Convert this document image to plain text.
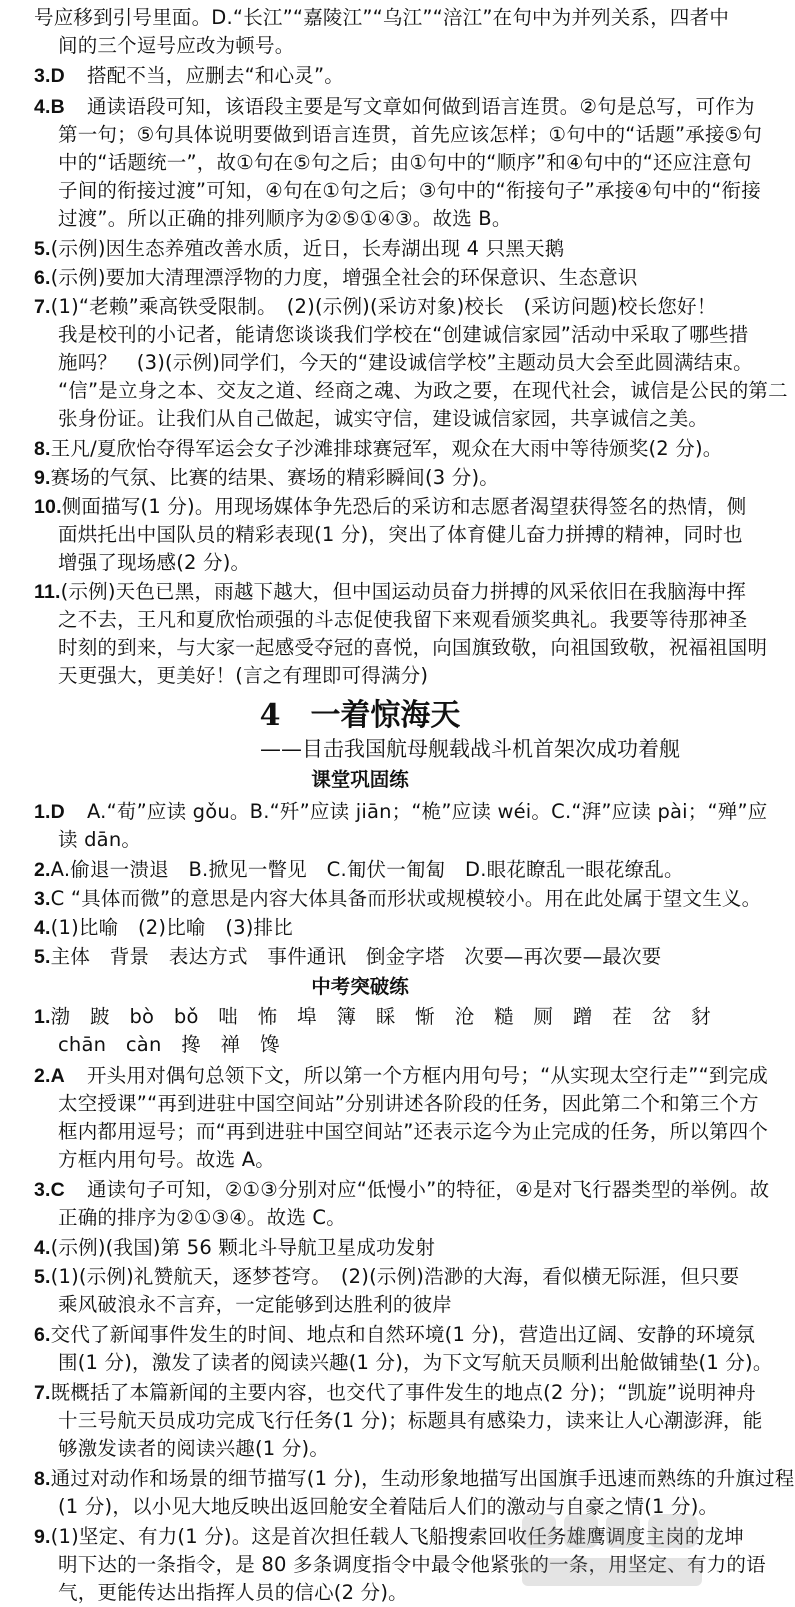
号应移到引号里面。D.“长江”“嘉陵江”“乌江”“涪江”在句中为并列关系，四者中
间的三个逗号应改为顿号。
3.D 搭配不当，应删去“和心灵”。
4.B 通读语段可知，该语段主要是写文章如何做到语言连贯。②句是总写，可作为
第一句；⑤句具体说明要做到语言连贯，首先应该怎样；①句中的“话题”承接⑤句
中的“话题统一”，故①句在⑤句之后；由①句中的“顺序”和④句中的“还应注意句
子间的衔接过渡”可知，④句在①句之后；③句中的“衔接句子”承接④句中的“衔接
过渡”。所以正确的排列顺序为②⑤①④③。故选 B。
5.(示例)因生态养殖改善水质，近日，长寿湖出现 4 只黑天鹅
6.(示例)要加大清理漂浮物的力度，增强全社会的环保意识、生态意识
7.(1)“老赖”乘高铁受限制。　(2)(示例)(采访对象)校长　(采访问题)校长您好！
我是校刊的小记者，能请您谈谈我们学校在“创建诚信家园”活动中采取了哪些措
施吗？　(3)(示例)同学们，今天的“建设诚信学校”主题动员大会至此圆满结束。
“信”是立身之本、交友之道、经商之魂、为政之要，在现代社会，诚信是公民的第二
张身份证。让我们从自己做起，诚实守信，建设诚信家园，共享诚信之美。
8.王凡/夏欣怡夺得军运会女子沙滩排球赛冠军，观众在大雨中等待颁奖(2 分)。
9.赛场的气氛、比赛的结果、赛场的精彩瞬间(3 分)。
10.侧面描写(1 分)。用现场媒体争先恐后的采访和志愿者渴望获得签名的热情，侧
面烘托出中国队员的精彩表现(1 分)，突出了体育健儿奋力拼搏的精神，同时也
增强了现场感(2 分)。
11.(示例)天色已黑，雨越下越大，但中国运动员奋力拼搏的风采依旧在我脑海中挥
之不去，王凡和夏欣怡顽强的斗志促使我留下来观看颁奖典礼。我要等待那神圣
时刻的到来，与大家一起感受夺冠的喜悦，向国旗致敬，向祖国致敬，祝福祖国明
天更强大，更美好！(言之有理即可得满分)
4 一着惊海天
——目击我国航母舰载战斗机首架次成功着舰
课堂巩固练
1.D A.“荀”应读 gǒu。B.“歼”应读 jiān；“桅”应读 wéi。C.“湃”应读 pài；“殚”应
读 dān。
2.A.偷退一溃退　B.掀见一瞥见　C.匍伏一匍匐　D.眼花瞭乱一眼花缭乱。
3.C “具体而微”的意思是内容大体具备而形状或规模较小。用在此处属于望文生义。
4.(1)比喻　(2)比喻　(3)排比
5.主体　背景　表达方式　事件通讯　倒金字塔　次要—再次要—最次要
中考突破练
1.渤　跛　bò　bǒ　咄　怖　埠　簿　睬　惭　沧　糙　厕　蹭　茬　岔　豺
chān　càn　搀　禅　馋
2.A 开头用对偶句总领下文，所以第一个方框内用句号；“从实现太空行走”“到完成
太空授课”“再到进驻中国空间站”分别讲述各阶段的任务，因此第二个和第三个方
框内都用逗号；而“再到进驻中国空间站”还表示迄今为止完成的任务，所以第四个
方框内用句号。故选 A。
3.C 通读句子可知，②①③分别对应“低慢小”的特征，④是对飞行器类型的举例。故
正确的排序为②①③④。故选 C。
4.(示例)(我国)第 56 颗北斗导航卫星成功发射
5.(1)(示例)礼赞航天，逐梦苍穹。　(2)(示例)浩渺的大海，看似横无际涯，但只要
乘风破浪永不言弃，一定能够到达胜利的彼岸
6.交代了新闻事件发生的时间、地点和自然环境(1 分)，营造出辽阔、安静的环境氛
围(1 分)，激发了读者的阅读兴趣(1 分)，为下文写航天员顺利出舱做铺垫(1 分)。
7.既概括了本篇新闻的主要内容，也交代了事件发生的地点(2 分)；“凯旋”说明神舟
十三号航天员成功完成飞行任务(1 分)；标题具有感染力，读来让人心潮澎湃，能
够激发读者的阅读兴趣(1 分)。
8.通过对动作和场景的细节描写(1 分)，生动形象地描写出国旗手迅速而熟练的升旗过程
(1 分)，以小见大地反映出返回舱安全着陆后人们的激动与自豪之情(1 分)。
9.(1)坚定、有力(1 分)。这是首次担任载人飞船搜索回收任务雄鹰调度主岗的龙坤
明下达的一条指令，是 80 多条调度指令中最令他紧张的一条，用坚定、有力的语
气，更能传达出指挥人员的信心(2 分)。
